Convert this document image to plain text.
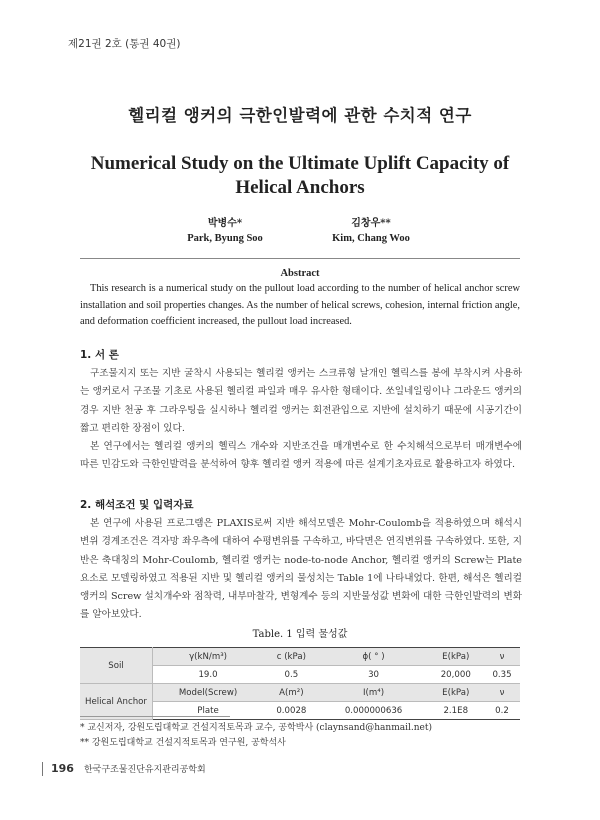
제21권 2호 (통권 40권)
헬리컬 앵커의 극한인발력에 관한 수치적 연구
Numerical Study on the Ultimate Uplift Capacity of Helical Anchors
박병수*
Park, Byung Soo
김창우**
Kim, Chang Woo
Abstract
This research is a numerical study on the pullout load according to the number of helical anchor screw installation and soil properties changes. As the number of helical screws, cohesion, internal friction angle, and deformation coefficient increased, the pullout load increased.
1. 서 론
구조물지지 또는 지반 굴착시 사용되는 헬리컬 앵커는 스크류형 날개인 헬릭스를 봉에 부착시켜 사용하는 앵커로서 구조물 기초로 사용된 헬리컬 파일과 매우 유사한 형태이다. 쏘일네일링이나 그라운드 앵커의 경우 지반 천공 후 그라우팅을 실시하나 헬리컬 앵커는 회전관입으로 지반에 설치하기 때문에 시공기간이 짧고 편리한 장점이 있다.
본 연구에서는 헬리컬 앵커의 헬릭스 개수와 지반조건을 매개변수로 한 수치해석으로부터 매개변수에 따른 민감도와 극한인발력을 분석하여 향후 헬리컬 앵커 적용에 따른 설계기초자료로 활용하고자 하였다.
2. 해석조건 및 입력자료
본 연구에 사용된 프로그램은 PLAXIS로써 지반 해석모델은 Mohr-Coulomb을 적용하였으며 해석시 변위 경계조건은 격자망 좌우측에 대하여 수평변위를 구속하고, 바닥면은 연직변위를 구속하였다. 또한, 지반은 축대칭의 Mohr-Coulomb, 헬리컬 앵커는 node-to-node Anchor, 헬리컬 앵커의 Screw는 Plate 요소로 모델링하였고 적용된 지반 및 헬리컬 앵커의 물성치는 Table 1에 나타내었다. 한편, 해석은 헬리컬 앵커의 Screw 설치개수와 점착력, 내부마찰각, 변형계수 등의 지반물성값 변화에 대한 극한인발력의 변화를 알아보았다.
Table. 1 입력 물성값
Soil	γ(kN/m³)	c (kPa)	ϕ( ° )	E(kPa)	ν
	19.0	0.5	30	20,000	0.35
Helical Anchor	Model(Screw)	A(m²)	I(m⁴)	E(kPa)	ν
	Plate	0.0028	0.000000636	2.1E8	0.2
* 교신저자, 강원도립대학교 건설지적토목과 교수, 공학박사 (claynsand@hanmail.net)
** 강원도립대학교 건설지적토목과 연구원, 공학석사
196 한국구조물진단유지관리공학회
